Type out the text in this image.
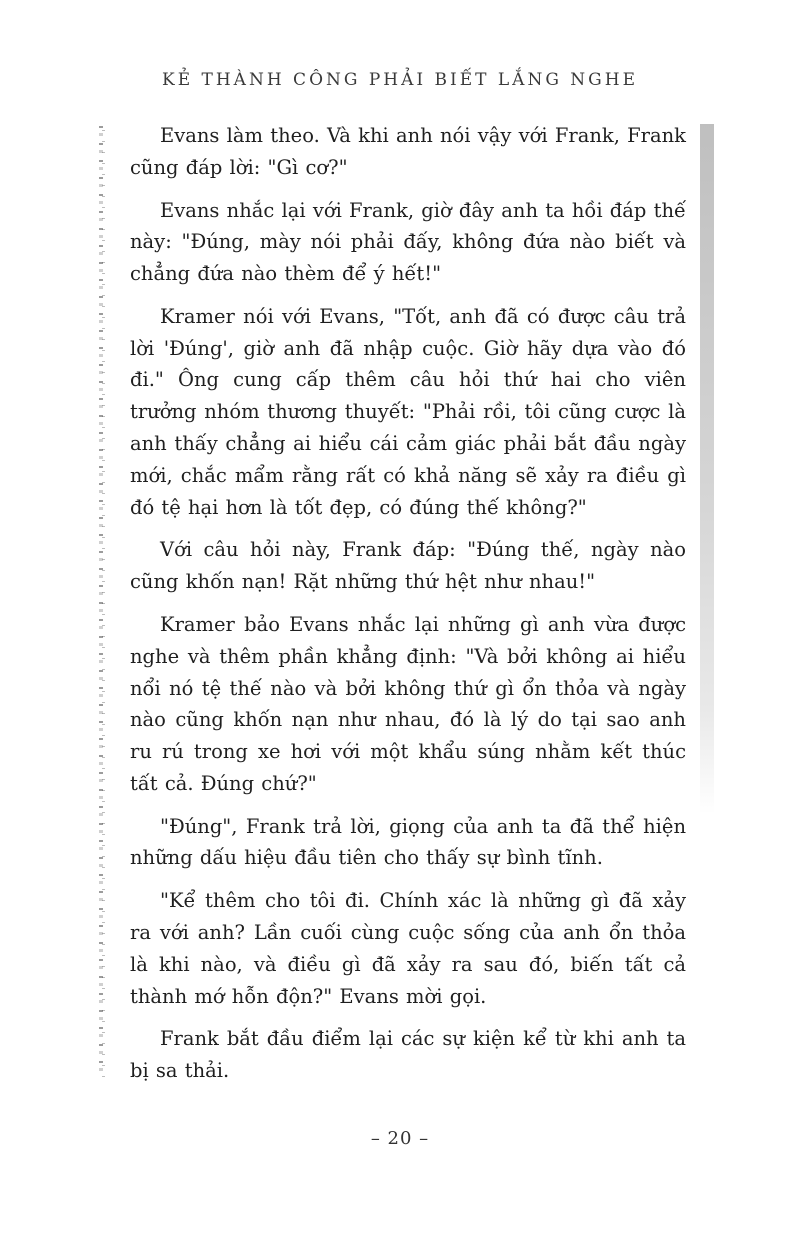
KẺ THÀNH CÔNG PHẢI BIẾT LẮNG NGHE

Evans làm theo. Và khi anh nói vậy với Frank, Frank cũng đáp lời: "Gì cơ?"

Evans nhắc lại với Frank, giờ đây anh ta hồi đáp thế này: "Đúng, mày nói phải đấy, không đứa nào biết và chẳng đứa nào thèm để ý hết!"

Kramer nói với Evans, "Tốt, anh đã có được câu trả lời 'Đúng', giờ anh đã nhập cuộc. Giờ hãy dựa vào đó đi." Ông cung cấp thêm câu hỏi thứ hai cho viên trưởng nhóm thương thuyết: "Phải rồi, tôi cũng cược là anh thấy chẳng ai hiểu cái cảm giác phải bắt đầu ngày mới, chắc mẩm rằng rất có khả năng sẽ xảy ra điều gì đó tệ hại hơn là tốt đẹp, có đúng thế không?"

Với câu hỏi này, Frank đáp: "Đúng thế, ngày nào cũng khốn nạn! Rặt những thứ hệt như nhau!"

Kramer bảo Evans nhắc lại những gì anh vừa được nghe và thêm phần khẳng định: "Và bởi không ai hiểu nổi nó tệ thế nào và bởi không thứ gì ổn thỏa và ngày nào cũng khốn nạn như nhau, đó là lý do tại sao anh ru rú trong xe hơi với một khẩu súng nhằm kết thúc tất cả. Đúng chứ?"

"Đúng", Frank trả lời, giọng của anh ta đã thể hiện những dấu hiệu đầu tiên cho thấy sự bình tĩnh.

"Kể thêm cho tôi đi. Chính xác là những gì đã xảy ra với anh? Lần cuối cùng cuộc sống của anh ổn thỏa là khi nào, và điều gì đã xảy ra sau đó, biến tất cả thành mớ hỗn độn?" Evans mời gọi.

Frank bắt đầu điểm lại các sự kiện kể từ khi anh ta bị sa thải.

– 20 –
